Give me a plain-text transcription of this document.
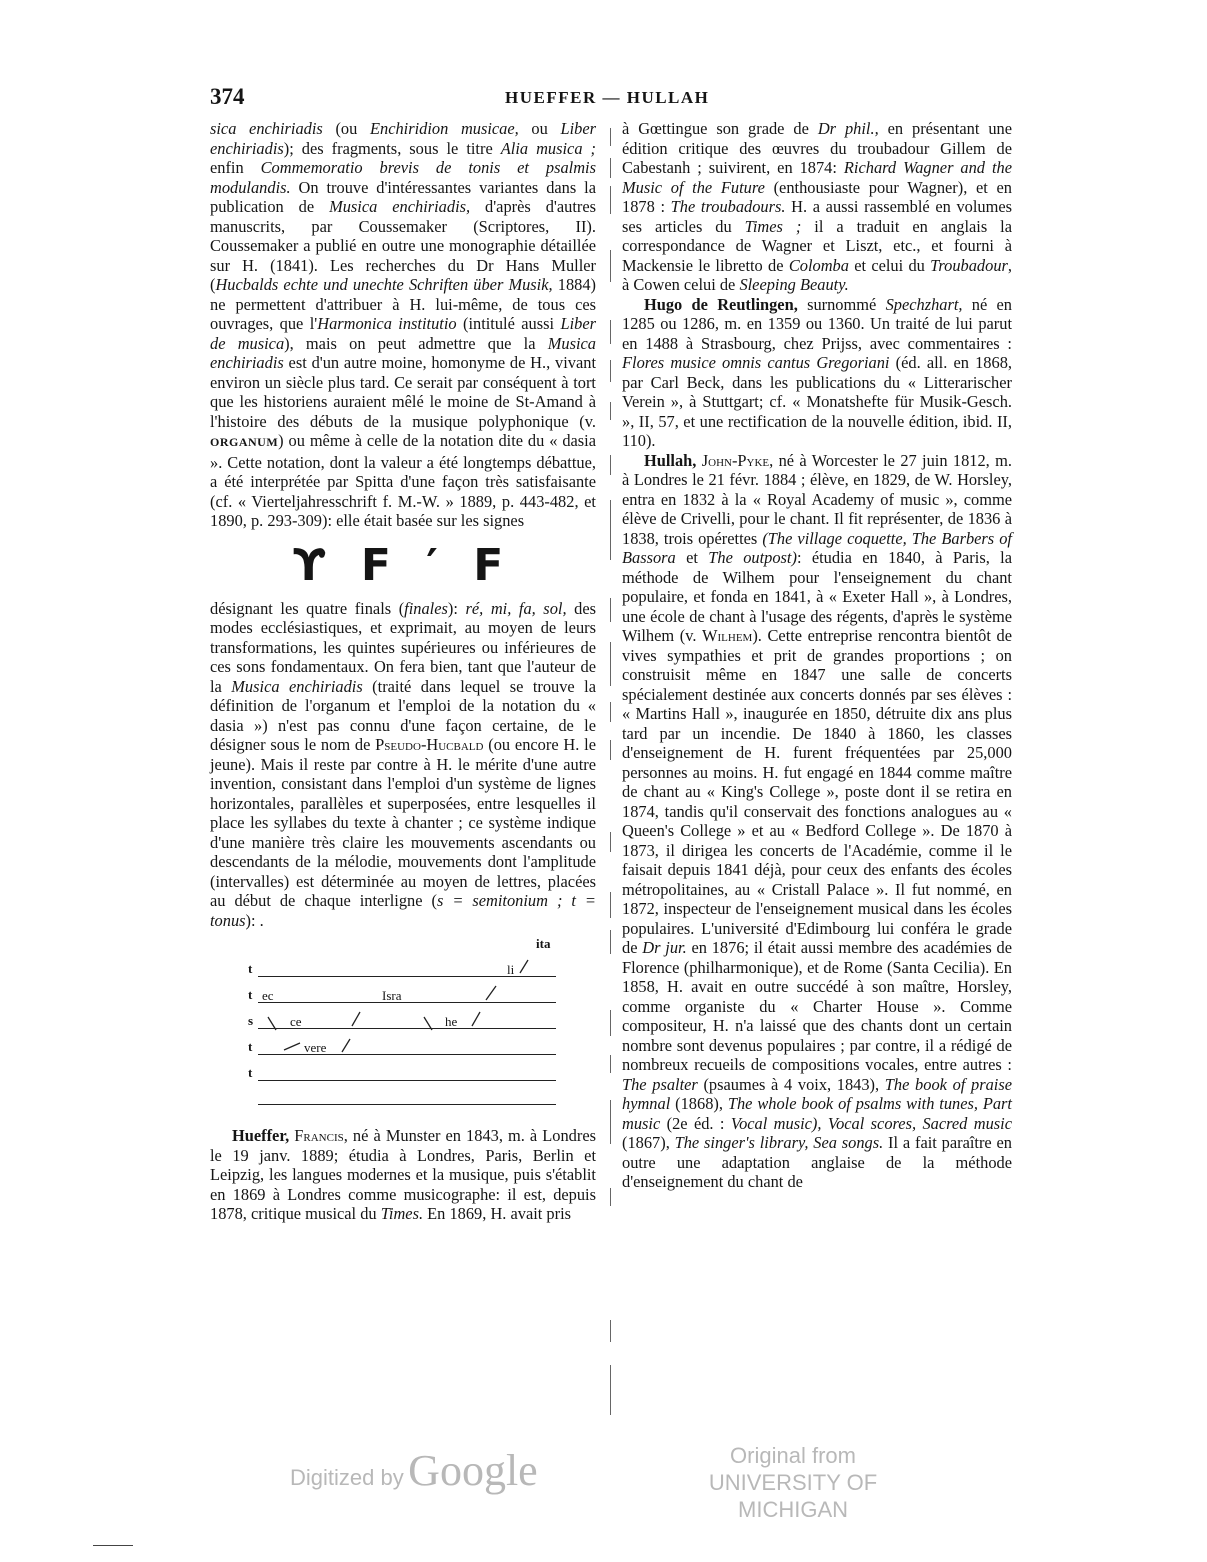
374	HUEFFER — HULLAH

sica enchiriadis (ou Enchiridion musicae, ou Liber enchiriadis); des fragments, sous le titre Alia musica ; enfin Commemoratio brevis de tonis et psalmis modulandis. On trouve d'intéressantes variantes dans la publication de Musica enchiriadis, d'après d'autres manuscrits, par Coussemaker (Scriptores, II). Coussemaker a publié en outre une monographie détaillée sur H. (1841). Les recherches du Dr Hans Muller (Hucbalds echte und unechte Schriften über Musik, 1884) ne permettent d'attribuer à H. lui-même, de tous ces ouvrages, que l'Harmonica institutio (intitulé aussi Liber de musica), mais on peut admettre que la Musica enchiriadis est d'un autre moine, homonyme de H., vivant environ un siècle plus tard. Ce serait par conséquent à tort que les historiens auraient mêlé le moine de St-Amand à l'histoire des débuts de la musique polyphonique (v. ORGANUM) ou même à celle de la notation dite du « dasia ». Cette notation, dont la valeur a été longtemps débattue, a été interprétée par Spitta d'une façon très satisfaisante (cf. « Vierteljahresschrift f. M.-W. » 1889, p. 443-482, et 1890, p. 293-309): elle était basée sur les signes

ϒ F ′ F

désignant les quatre finals (finales): ré, mi, fa, sol, des modes ecclésiastiques, et exprimait, au moyen de leurs transformations, les quintes supérieures ou inférieures de ces sons fondamentaux. On fera bien, tant que l'auteur de la Musica enchiriadis (traité dans lequel se trouve la définition de l'organum et l'emploi de la notation du « dasia ») n'est pas connu d'une façon certaine, de le désigner sous le nom de Pseudo-Hucbald (ou encore H. le jeune). Mais il reste par contre à H. le mérite d'une autre invention, consistant dans l'emploi d'un système de lignes horizontales, parallèles et superposées, entre lesquelles il place les syllabes du texte à chanter ; ce système indique d'une manière très claire les mouvements ascendants ou descendants de la mélodie, mouvements dont l'amplitude (intervalles) est déterminée au moyen de lettres, placées au début de chaque interligne (s = semitonium ; t = tonus): .

t
t
s
t
t
ita
li
ec	Isra
ce	he
vere

Hueffer, Francis, né à Munster en 1843, m. à Londres le 19 janv. 1889; étudia à Londres, Paris, Berlin et Leipzig, les langues modernes et la musique, puis s'établit en 1869 à Londres comme musicographe: il est, depuis 1878, critique musical du Times. En 1869, H. avait pris

à Gœttingue son grade de Dr phil., en présentant une édition critique des œuvres du troubadour Gillem de Cabestanh ; suivirent, en 1874: Richard Wagner and the Music of the Future (enthousiaste pour Wagner), et en 1878 : The troubadours. H. a aussi rassemblé en volumes ses articles du Times ; il a traduit en anglais la correspondance de Wagner et Liszt, etc., et fourni à Mackensie le libretto de Colomba et celui du Troubadour, à Cowen celui de Sleeping Beauty.

Hugo de Reutlingen, surnommé Spechzhart, né en 1285 ou 1286, m. en 1359 ou 1360. Un traité de lui parut en 1488 à Strasbourg, chez Prijss, avec commentaires : Flores musice omnis cantus Gregoriani (éd. all. en 1868, par Carl Beck, dans les publications du « Litterarischer Verein », à Stuttgart; cf. « Monatshefte für Musik-Gesch. », II, 57, et une rectification de la nouvelle édition, ibid. II, 110).

Hullah, John-Pyke, né à Worcester le 27 juin 1812, m. à Londres le 21 févr. 1884 ; élève, en 1829, de W. Horsley, entra en 1832 à la « Royal Academy of music », comme élève de Crivelli, pour le chant. Il fit représenter, de 1836 à 1838, trois opérettes (The village coquette, The Barbers of Bassora et The outpost): étudia en 1840, à Paris, la méthode de Wilhem pour l'enseignement du chant populaire, et fonda en 1841, à « Exeter Hall », à Londres, une école de chant à l'usage des régents, d'après le système Wilhem (v. Wilhem). Cette entreprise rencontra bientôt de vives sympathies et prit de grandes proportions ; on construisit même en 1847 une salle de concerts spécialement destinée aux concerts donnés par ses élèves : « Martins Hall », inaugurée en 1850, détruite dix ans plus tard par un incendie. De 1840 à 1860, les classes d'enseignement de H. furent fréquentées par 25,000 personnes au moins. H. fut engagé en 1844 comme maître de chant au « King's College », poste dont il se retira en 1874, tandis qu'il conservait des fonctions analogues au « Queen's College » et au « Bedford College ». De 1870 à 1873, il dirigea les concerts de l'Académie, comme il le faisait depuis 1841 déjà, pour ceux des enfants des écoles métropolitaines, au « Cristall Palace ». Il fut nommé, en 1872, inspecteur de l'enseignement musical dans les écoles populaires. L'université d'Edimbourg lui conféra le grade de Dr jur. en 1876; il était aussi membre des académies de Florence (philharmonique), et de Rome (Santa Cecilia). En 1858, H. avait en outre succédé à son maître, Horsley, comme organiste du « Charter House ». Comme compositeur, H. n'a laissé que des chants dont un certain nombre sont devenus populaires ; par contre, il a rédigé de nombreux recueils de compositions vocales, entre autres : The psalter (psaumes à 4 voix, 1843), The book of praise hymnal (1868), The whole book of psalms with tunes, Part music (2e éd. : Vocal music), Vocal scores, Sacred music (1867), The singer's library, Sea songs. Il a fait paraître en outre une adaptation anglaise de la méthode d'enseignement du chant de

Digitized by Google	Original from
UNIVERSITY OF MICHIGAN
